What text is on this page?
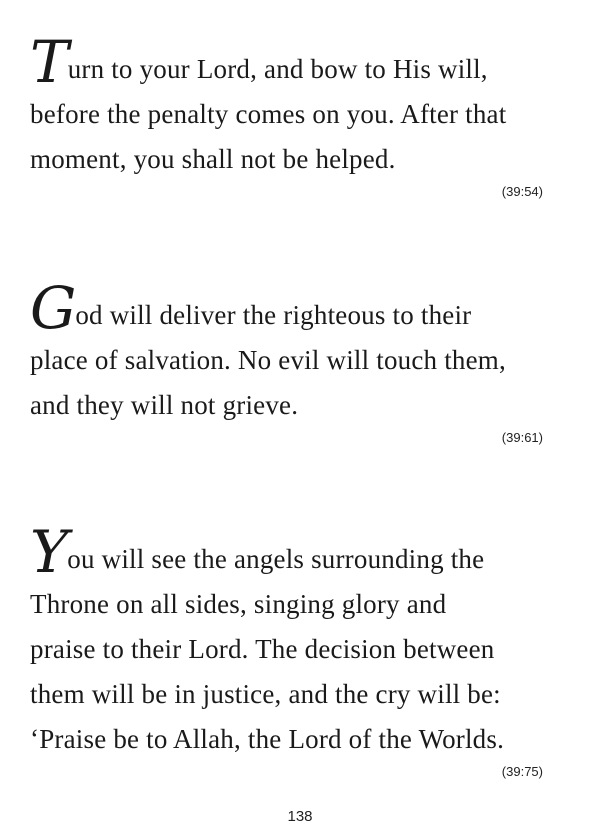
Turn to your Lord, and bow to His will,
before the penalty comes on you. After that
moment, you shall not be helped.

(39:54)

God will deliver the righteous to their
place of salvation. No evil will touch them,
and they will not grieve.

(39:61)

You will see the angels surrounding the
Throne on all sides, singing glory and
praise to their Lord. The decision between
them will be in justice, and the cry will be:
‘Praise be to Allah, the Lord of the Worlds.

(39:75)
138
